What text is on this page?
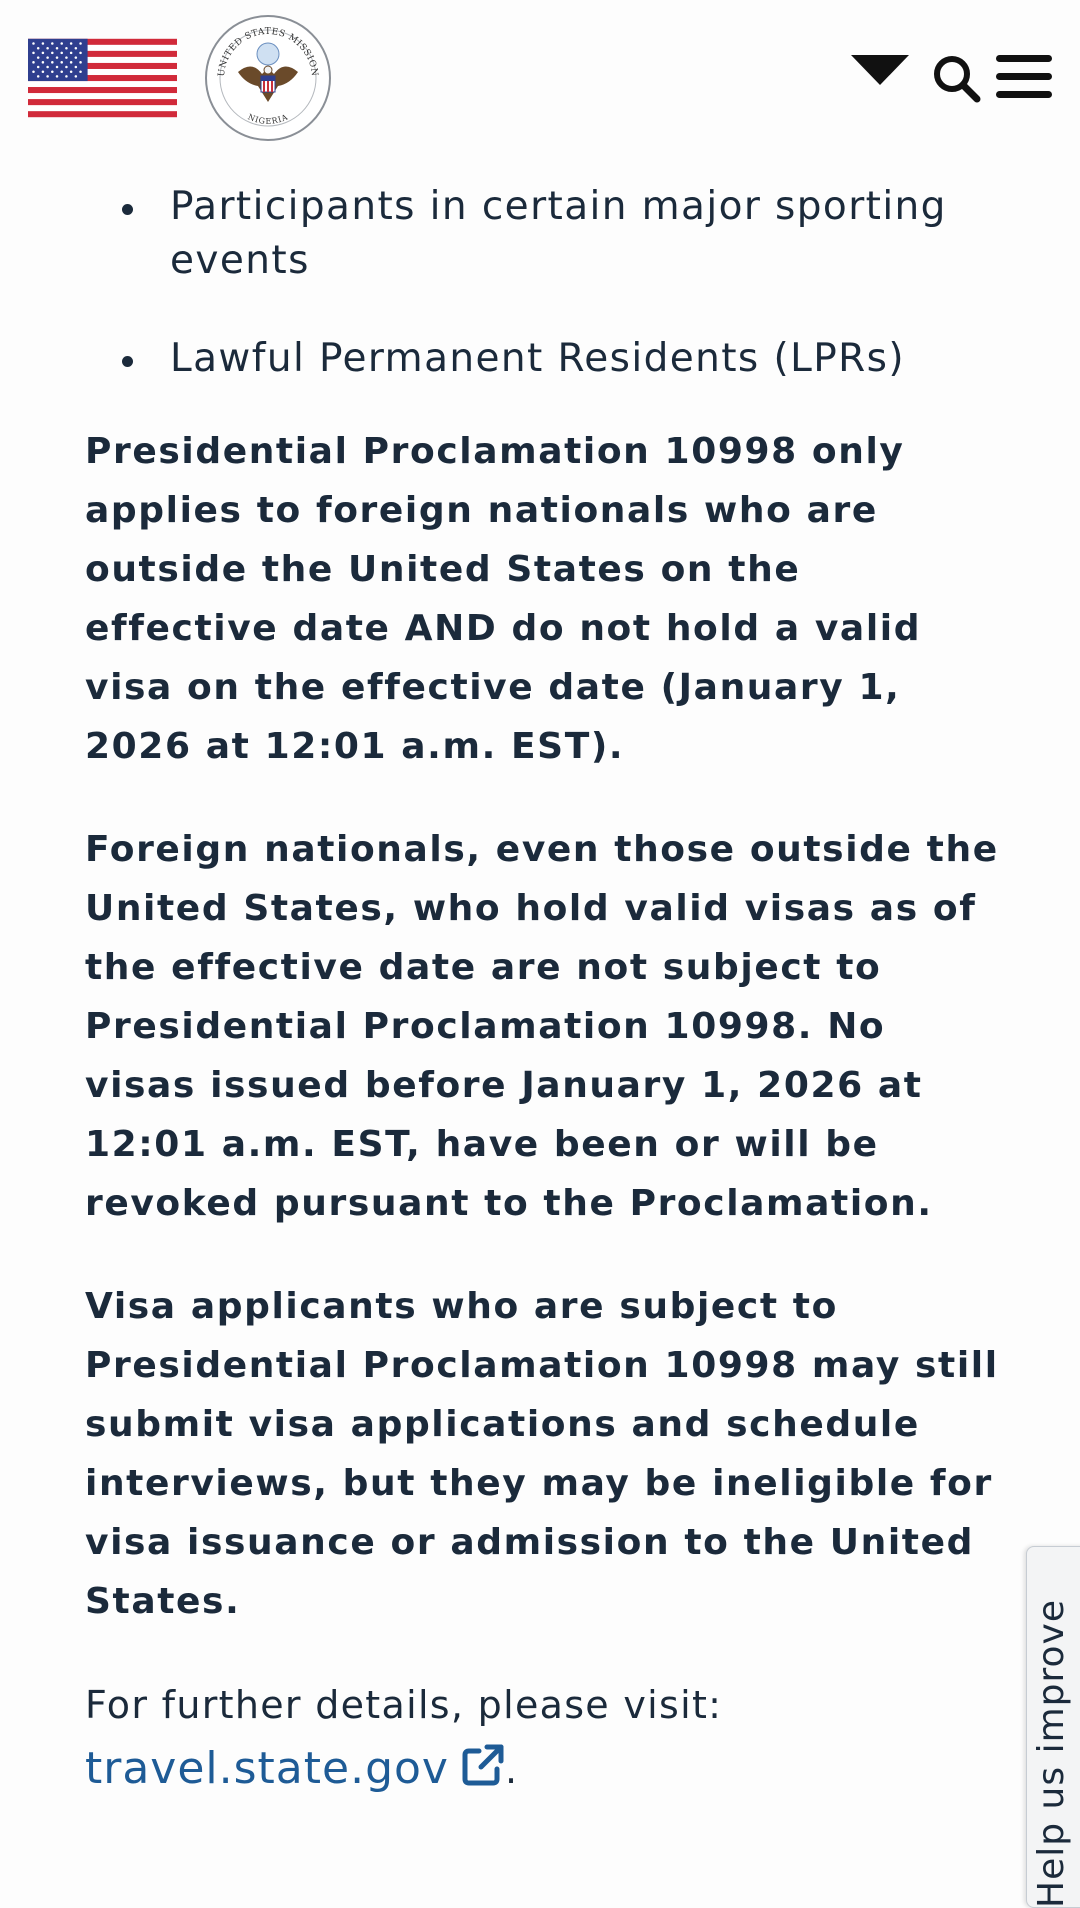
UNITED STATES MISSION
NIGERIA
Participants in certain major sporting events
Lawful Permanent Residents (LPRs)

Presidential Proclamation 10998 only applies to foreign nationals who are outside the United States on the effective date AND do not hold a valid visa on the effective date (January 1, 2026 at 12:01 a.m. EST).

Foreign nationals, even those outside the United States, who hold valid visas as of the effective date are not subject to Presidential Proclamation 10998. No visas issued before January 1, 2026 at 12:01 a.m. EST, have been or will be revoked pursuant to the Proclamation.

Visa applicants who are subject to Presidential Proclamation 10998 may still submit visa applications and schedule interviews, but they may be ineligible for visa issuance or admission to the United States.

For further details, please visit: travel.state.gov .	Help us improve
